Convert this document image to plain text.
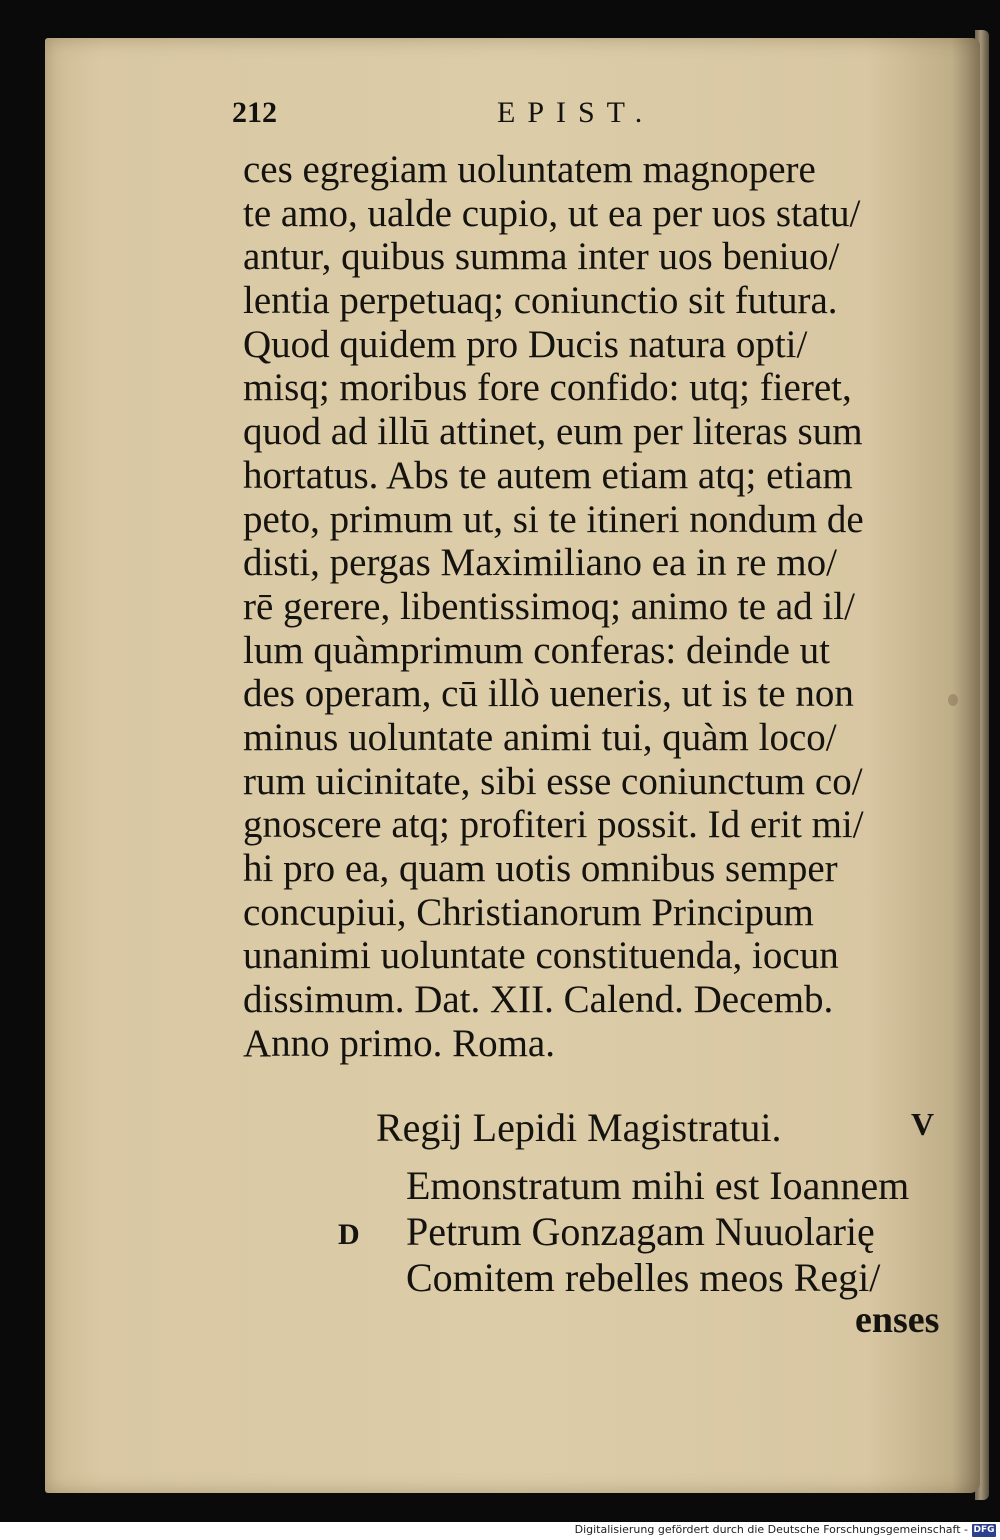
212	EPIST.
ces egregiam uoluntatem magnopere
te amo, ualde cupio, ut ea per uos statu/
antur, quibus summa inter uos beniuo/
lentia perpetuaq; coniunctio sit futura.
Quod quidem pro Ducis natura opti/
misq; moribus fore confido: utq; fieret,
quod ad illū attinet, eum per literas sum
hortatus. Abs te autem etiam atq; etiam
peto, primum ut, si te itineri nondum de
disti, pergas Maximiliano ea in re mo/
rē gerere, libentissimoq; animo te ad il/
lum quàmprimum conferas: deinde ut
des operam, cū illò ueneris, ut is te non
minus uoluntate animi tui, quàm loco/
rum uicinitate, sibi esse coniunctum co/
gnoscere atq; profiteri possit. Id erit mi/
hi pro ea, quam uotis omnibus semper
concupiui, Christianorum Principum
unanimi uoluntate constituenda, iocun
dissimum. Dat. XII. Calend. Decemb.
Anno primo. Roma.
Regij Lepidi Magistratui.	V
D
Emonstratum mihi est Ioannem
Petrum Gonzagam Nuuolarię
Comitem rebelles meos Regi/
enses
Digitalisierung gefördert durch die Deutsche Forschungsgemeinschaft - DFG
